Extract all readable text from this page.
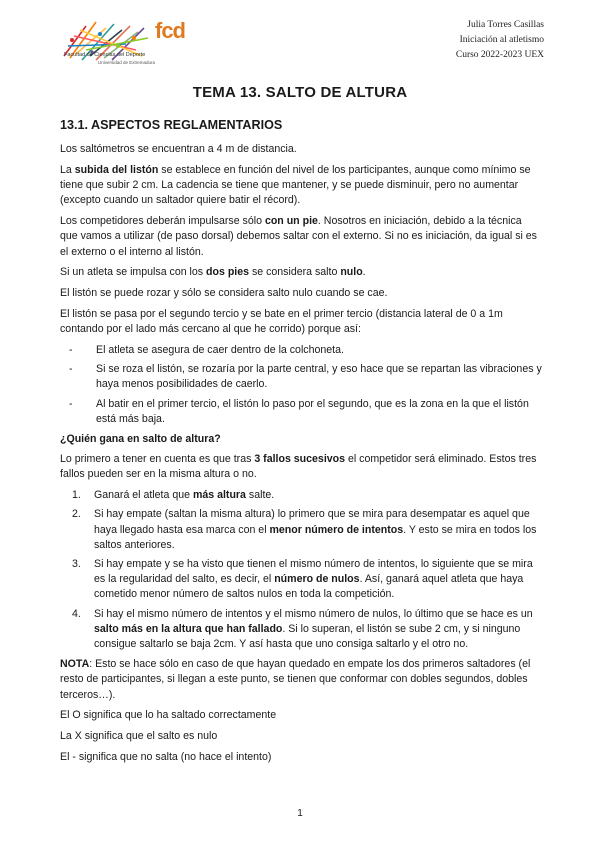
fcd
Facultad de Ciencias del Deporte
Universidad de Extremadura
Julia Torres Casillas
Iniciación al atletismo
Curso 2022-2023 UEX
TEMA 13. SALTO DE ALTURA
13.1. ASPECTOS REGLAMENTARIOS

Los saltómetros se encuentran a 4 m de distancia.

La subida del listón se establece en función del nivel de los participantes, aunque como mínimo se tiene que subir 2 cm. La cadencia se tiene que mantener, y se puede disminuir, pero no aumentar (excepto cuando un saltador quiere batir el récord).

Los competidores deberán impulsarse sólo con un pie. Nosotros en iniciación, debido a la técnica que vamos a utilizar (de paso dorsal) debemos saltar con el externo. Si no es iniciación, da igual si es el externo o el interno al listón.

Si un atleta se impulsa con los dos pies se considera salto nulo.

El listón se puede rozar y sólo se considera salto nulo cuando se cae.

El listón se pasa por el segundo tercio y se bate en el primer tercio (distancia lateral de 0 a 1m contando por el lado más cercano al que he corrido) porque así:

- El atleta se asegura de caer dentro de la colchoneta.
- Si se roza el listón, se rozaría por la parte central, y eso hace que se repartan las vibraciones y haya menos posibilidades de caerlo.
- Al batir en el primer tercio, el listón lo paso por el segundo, que es la zona en la que el listón está más baja.
¿Quién gana en salto de altura?

Lo primero a tener en cuenta es que tras 3 fallos sucesivos el competidor será eliminado. Estos tres fallos pueden ser en la misma altura o no.

1. Ganará el atleta que más altura salte.
2. Si hay empate (saltan la misma altura) lo primero que se mira para desempatar es aquel que haya llegado hasta esa marca con el menor número de intentos. Y esto se mira en todos los saltos anteriores.
3. Si hay empate y se ha visto que tienen el mismo número de intentos, lo siguiente que se mira es la regularidad del salto, es decir, el número de nulos. Así, ganará aquel atleta que haya cometido menor número de saltos nulos en toda la competición.
4. Si hay el mismo número de intentos y el mismo número de nulos, lo último que se hace es un salto más en la altura que han fallado. Si lo superan, el listón se sube 2 cm, y si ninguno consigue saltarlo se baja 2cm. Y así hasta que uno consiga saltarlo y el otro no.

NOTA: Esto se hace sólo en caso de que hayan quedado en empate los dos primeros saltadores (el resto de participantes, si llegan a este punto, se tienen que conformar con dobles segundos, dobles terceros…).

El O significa que lo ha saltado correctamente

La X significa que el salto es nulo

El - significa que no salta (no hace el intento)

1
